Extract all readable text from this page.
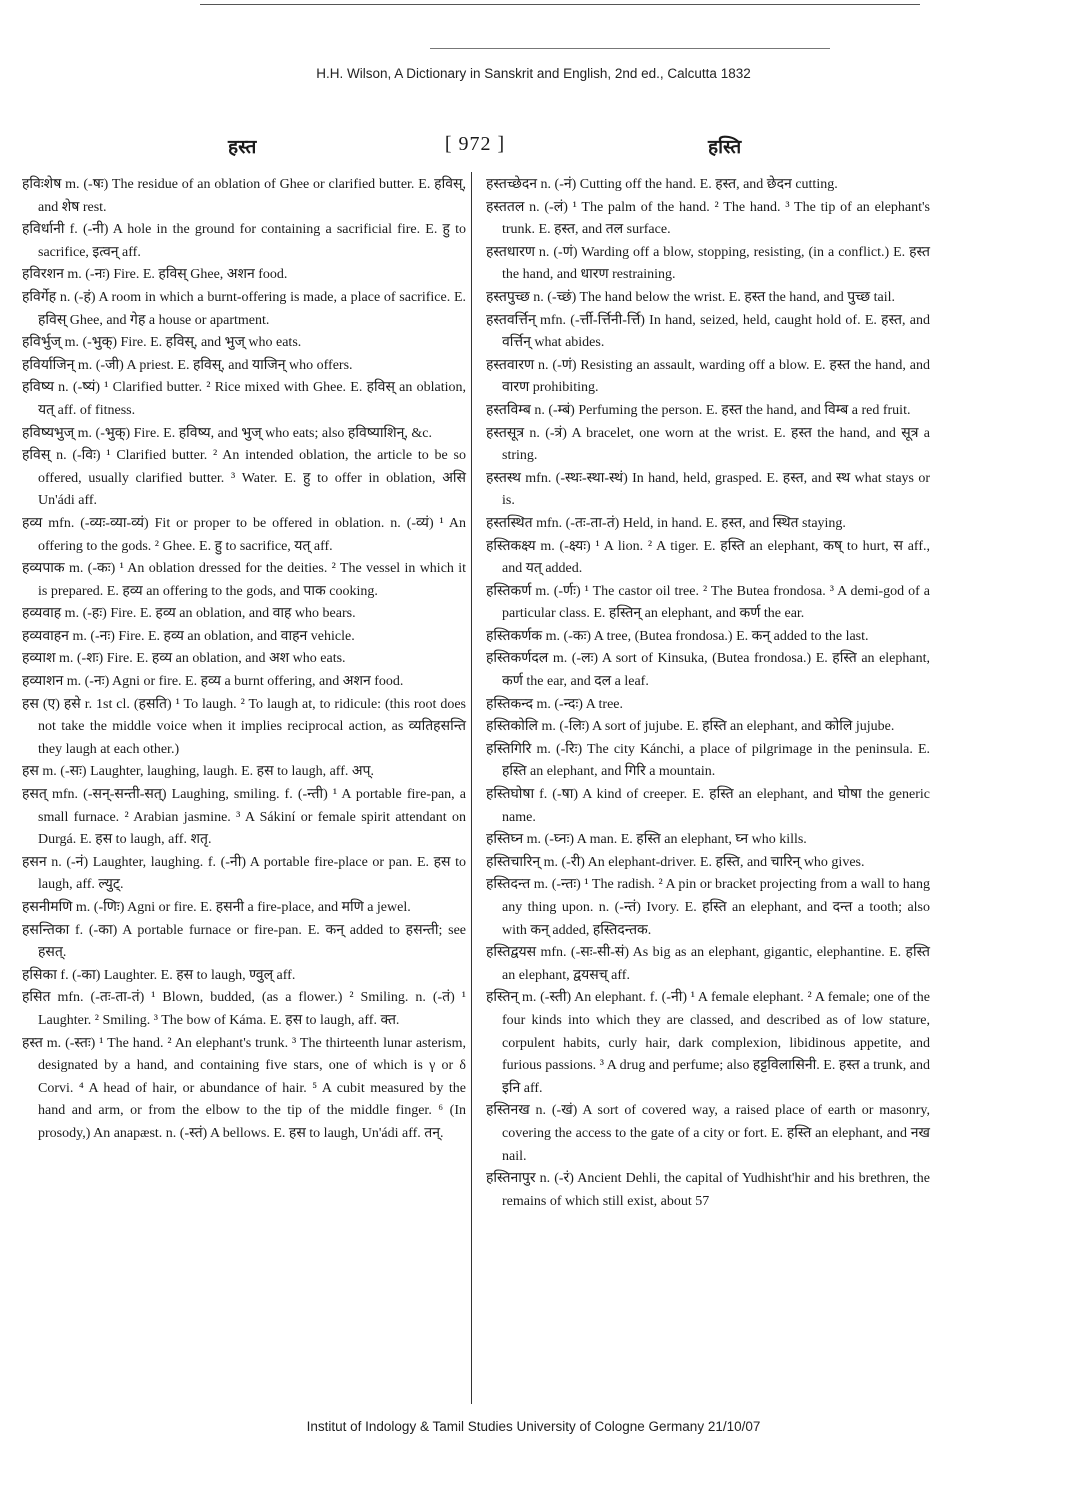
H.H. Wilson, A Dictionary in Sanskrit and English, 2nd ed., Calcutta 1832
हस्त	[ 972 ]	हस्ति

हविःशेष m. (-षः) The residue of an oblation of Ghee or clarified butter. E. हविस्, and शेष rest.

हविर्धानी f. (-नी) A hole in the ground for containing a sacrificial fire. E. हु to sacrifice, इत्वन् aff.

हविरशन m. (-नः) Fire. E. हविस् Ghee, अशन food.

हविर्गेह n. (-हं) A room in which a burnt-offering is made, a place of sacrifice. E. हविस् Ghee, and गेह a house or apartment.

हविर्भुज् m. (-भुक्) Fire. E. हविस्, and भुज् who eats.

हविर्याजिन् m. (-जी) A priest. E. हविस्, and याजिन् who offers.

हविष्य n. (-ष्यं) ¹ Clarified butter. ² Rice mixed with Ghee. E. हविस् an oblation, यत् aff. of fitness.

हविष्यभुज् m. (-भुक्) Fire. E. हविष्य, and भुज् who eats; also हविष्याशिन्, &c.

हविस् n. (-विः) ¹ Clarified butter. ² An intended oblation, the article to be so offered, usually clarified butter. ³ Water. E. हु to offer in oblation, असि Un'ádi aff.

हव्य mfn. (-व्यः-व्या-व्यं) Fit or proper to be offered in oblation. n. (-व्यं) ¹ An offering to the gods. ² Ghee. E. हु to sacrifice, यत् aff.

हव्यपाक m. (-कः) ¹ An oblation dressed for the deities. ² The vessel in which it is prepared. E. हव्य an offering to the gods, and पाक cooking.

हव्यवाह m. (-हः) Fire. E. हव्य an oblation, and वाह who bears.

हव्यवाहन m. (-नः) Fire. E. हव्य an oblation, and वाहन vehicle.

हव्याश m. (-शः) Fire. E. हव्य an oblation, and अश who eats.

हव्याशन m. (-नः) Agni or fire. E. हव्य a burnt offering, and अशन food.

हस (ए) हसे r. 1st cl. (हसति) ¹ To laugh. ² To laugh at, to ridicule: (this root does not take the middle voice when it implies reciprocal action, as व्यतिहसन्ति they laugh at each other.)

हस m. (-सः) Laughter, laughing, laugh. E. हस to laugh, aff. अप्.

हसत् mfn. (-सन्-सन्ती-सत्) Laughing, smiling. f. (-न्ती) ¹ A portable fire-pan, a small furnace. ² Arabian jasmine. ³ A Sákiní or female spirit attendant on Durgá. E. हस to laugh, aff. शतृ.

हसन n. (-नं) Laughter, laughing. f. (-नी) A portable fire-place or pan. E. हस to laugh, aff. ल्युट्.

हसनीमणि m. (-णिः) Agni or fire. E. हसनी a fire-place, and मणि a jewel.

हसन्तिका f. (-का) A portable furnace or fire-pan. E. कन् added to हसन्ती; see हसत्.

हसिका f. (-का) Laughter. E. हस to laugh, ण्वुल् aff.

हसित mfn. (-तः-ता-तं) ¹ Blown, budded, (as a flower.) ² Smiling. n. (-तं) ¹ Laughter. ² Smiling. ³ The bow of Káma. E. हस to laugh, aff. क्त.

हस्त m. (-स्तः) ¹ The hand. ² An elephant's trunk. ³ The thirteenth lunar asterism, designated by a hand, and containing five stars, one of which is γ or δ Corvi. ⁴ A head of hair, or abundance of hair. ⁵ A cubit measured by the hand and arm, or from the elbow to the tip of the middle finger. ⁶ (In prosody,) An anapæst. n. (-स्तं) A bellows. E. हस to laugh, Un'ádi aff. तन्.

हस्तच्छेदन n. (-नं) Cutting off the hand. E. हस्त, and छेदन cutting.

हस्ततल n. (-लं) ¹ The palm of the hand. ² The hand. ³ The tip of an elephant's trunk. E. हस्त, and तल surface.

हस्तधारण n. (-णं) Warding off a blow, stopping, resisting, (in a conflict.) E. हस्त the hand, and धारण restraining.

हस्तपुच्छ n. (-च्छं) The hand below the wrist. E. हस्त the hand, and पुच्छ tail.

हस्तवर्त्तिन् mfn. (-र्त्ती-र्त्तिनी-र्त्ति) In hand, seized, held, caught hold of. E. हस्त, and वर्त्तिन् what abides.

हस्तवारण n. (-णं) Resisting an assault, warding off a blow. E. हस्त the hand, and वारण prohibiting.

हस्तविम्ब n. (-म्बं) Perfuming the person. E. हस्त the hand, and विम्ब a red fruit.

हस्तसूत्र n. (-त्रं) A bracelet, one worn at the wrist. E. हस्त the hand, and सूत्र a string.

हस्तस्थ mfn. (-स्थः-स्था-स्थं) In hand, held, grasped. E. हस्त, and स्थ what stays or is.

हस्तस्थित mfn. (-तः-ता-तं) Held, in hand. E. हस्त, and स्थित staying.

हस्तिकक्ष्य m. (-क्ष्यः) ¹ A lion. ² A tiger. E. हस्ति an elephant, कष् to hurt, स aff., and यत् added.

हस्तिकर्ण m. (-र्णः) ¹ The castor oil tree. ² The Butea frondosa. ³ A demi-god of a particular class. E. हस्तिन् an elephant, and कर्ण the ear.

हस्तिकर्णक m. (-कः) A tree, (Butea frondosa.) E. कन् added to the last.

हस्तिकर्णदल m. (-लः) A sort of Kinsuka, (Butea frondosa.) E. हस्ति an elephant, कर्ण the ear, and दल a leaf.

हस्तिकन्द m. (-न्दः) A tree.

हस्तिकोलि m. (-लिः) A sort of jujube. E. हस्ति an elephant, and कोलि jujube.

हस्तिगिरि m. (-रिः) The city Kánchi, a place of pilgrimage in the peninsula. E. हस्ति an elephant, and गिरि a mountain.

हस्तिघोषा f. (-षा) A kind of creeper. E. हस्ति an elephant, and घोषा the generic name.

हस्तिघ्न m. (-घ्नः) A man. E. हस्ति an elephant, घ्न who kills.

हस्तिचारिन् m. (-री) An elephant-driver. E. हस्ति, and चारिन् who gives.

हस्तिदन्त m. (-न्तः) ¹ The radish. ² A pin or bracket projecting from a wall to hang any thing upon. n. (-न्तं) Ivory. E. हस्ति an elephant, and दन्त a tooth; also with कन् added, हस्तिदन्तक.

हस्तिद्वयस mfn. (-सः-सी-सं) As big as an elephant, gigantic, elephantine. E. हस्ति an elephant, द्वयसच् aff.

हस्तिन् m. (-स्ती) An elephant. f. (-नी) ¹ A female elephant. ² A female; one of the four kinds into which they are classed, and described as of low stature, corpulent habits, curly hair, dark complexion, libidinous appetite, and furious passions. ³ A drug and perfume; also हट्टविलासिनी. E. हस्त a trunk, and इनि aff.

हस्तिनख n. (-खं) A sort of covered way, a raised place of earth or masonry, covering the access to the gate of a city or fort. E. हस्ति an elephant, and नख nail.

हस्तिनापुर n. (-रं) Ancient Dehli, the capital of Yudhisht'hir and his brethren, the remains of which still exist, about 57

Institut of Indology & Tamil Studies University of Cologne Germany 21/10/07
